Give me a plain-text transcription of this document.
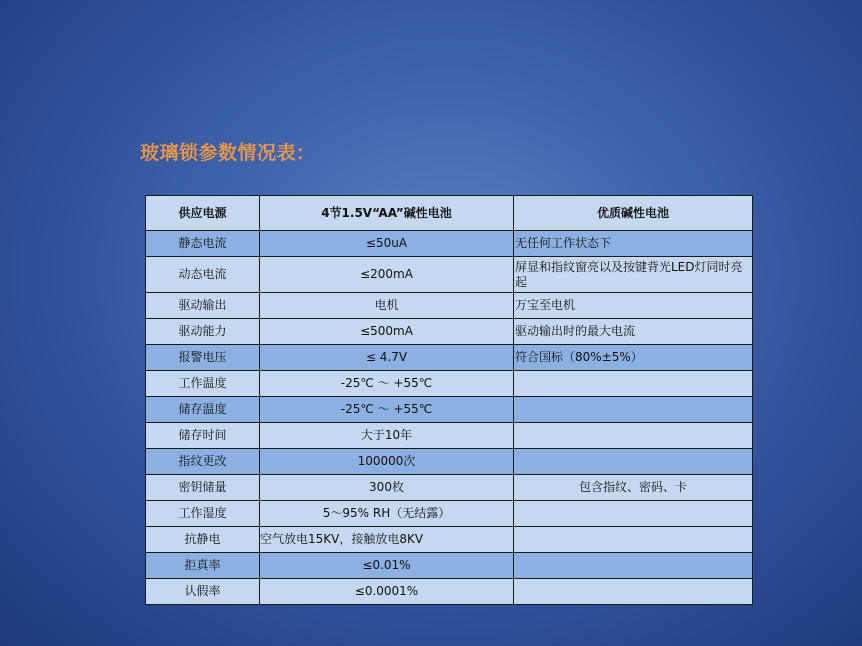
玻璃锁参数情况表：
供应电源	4节1.5V“AA”碱性电池	优质碱性电池
静态电流	≤50uA	无任何工作状态下
动态电流	≤200mA	屏显和指纹窗亮以及按键背光LED灯同时亮起
驱动输出	电机	万宝至电机
驱动能力	≤500mA	驱动输出时的最大电流
报警电压	≤ 4.7V	符合国标（80%±5%）
工作温度	-25℃ ～ +55℃	
储存温度	-25℃ ～ +55℃	
储存时间	大于10年	
指纹更改	100000次	
密钥储量	300枚	包含指纹、密码、卡
工作湿度	5～95% RH（无结露）	
抗静电	空气放电15KV，接触放电8KV	
拒真率	≤0.01%	
认假率	≤0.0001%	
